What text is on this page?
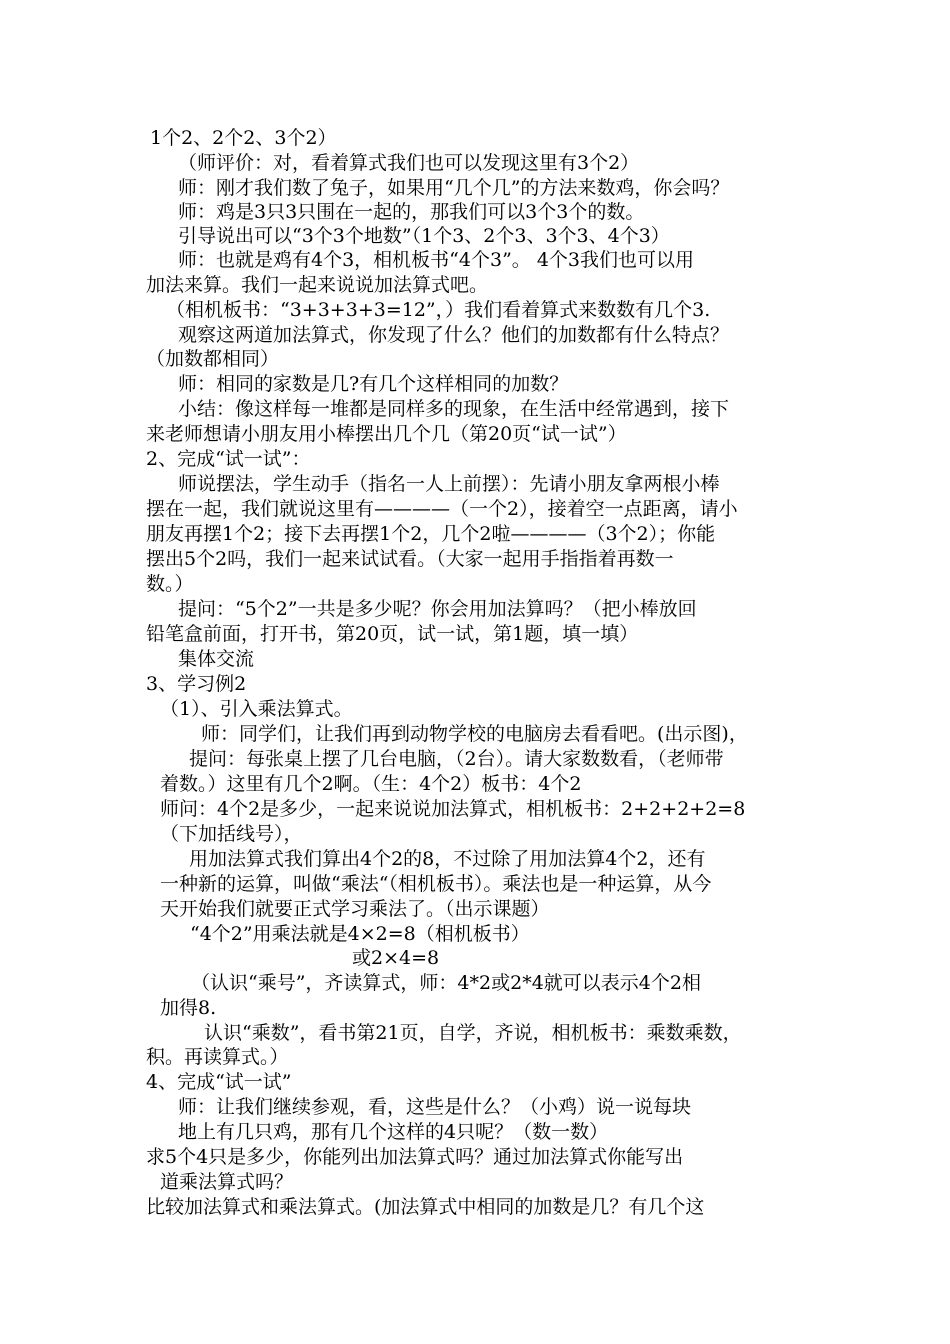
1个2、2个2、3个2）
（师评价：对，看着算式我们也可以发现这里有3个2）
师：刚才我们数了兔子，如果用“几个几”的方法来数鸡，你会吗？
师：鸡是3只3只围在一起的，那我们可以3个3个的数。
引导说出可以“3个3个地数”（1个3、2个3、3个3、4个3）
师：也就是鸡有4个3，相机板书“4个3”。 4个3我们也可以用
加法来算。我们一起来说说加法算式吧。
（相机板书：“3+3+3+3=12”，）我们看着算式来数数有几个3.
观察这两道加法算式，你发现了什么？他们的加数都有什么特点？
（加数都相同）
师：相同的家数是几?有几个这样相同的加数？
小结：像这样每一堆都是同样多的现象，在生活中经常遇到，接下
来老师想请小朋友用小棒摆出几个几（第20页“试一试”）
2、完成“试一试”：
师说摆法，学生动手（指名一人上前摆）：先请小朋友拿两根小棒
摆在一起，我们就说这里有————（一个2），接着空一点距离，请小
朋友再摆1个2；接下去再摆1个2，几个2啦————（3个2）；你能
摆出5个2吗，我们一起来试试看。（大家一起用手指指着再数一
数。）
提问：“5个2”一共是多少呢？你会用加法算吗？（把小棒放回
铅笔盒前面，打开书，第20页，试一试，第1题，填一填）
集体交流
3、学习例2
（1）、引入乘法算式。
师：同学们，让我们再到动物学校的电脑房去看看吧。(出示图)，
提问：每张桌上摆了几台电脑，（2台）。请大家数数看，（老师带
着数。）这里有几个2啊。（生：4个2）板书：4个2
师问：4个2是多少，一起来说说加法算式，相机板书：2+2+2+2=8
（下加括线号），
用加法算式我们算出4个2的8，不过除了用加法算4个2，还有
一种新的运算，叫做“乘法“（相机板书）。乘法也是一种运算，从今
天开始我们就要正式学习乘法了。（出示课题）
“4个2”用乘法就是4×2=8（相机板书）
或2×4=8
（认识“乘号”，齐读算式，师：4*2或2*4就可以表示4个2相
加得8.
认识“乘数”，看书第21页，自学，齐说，相机板书：乘数乘数，
积。再读算式。）
4、完成“试一试”
师：让我们继续参观，看，这些是什么？（小鸡）说一说每块
地上有几只鸡，那有几个这样的4只呢？（数一数）
求5个4只是多少，你能列出加法算式吗？通过加法算式你能写出
道乘法算式吗？
比较加法算式和乘法算式。(加法算式中相同的加数是几？有几个这
